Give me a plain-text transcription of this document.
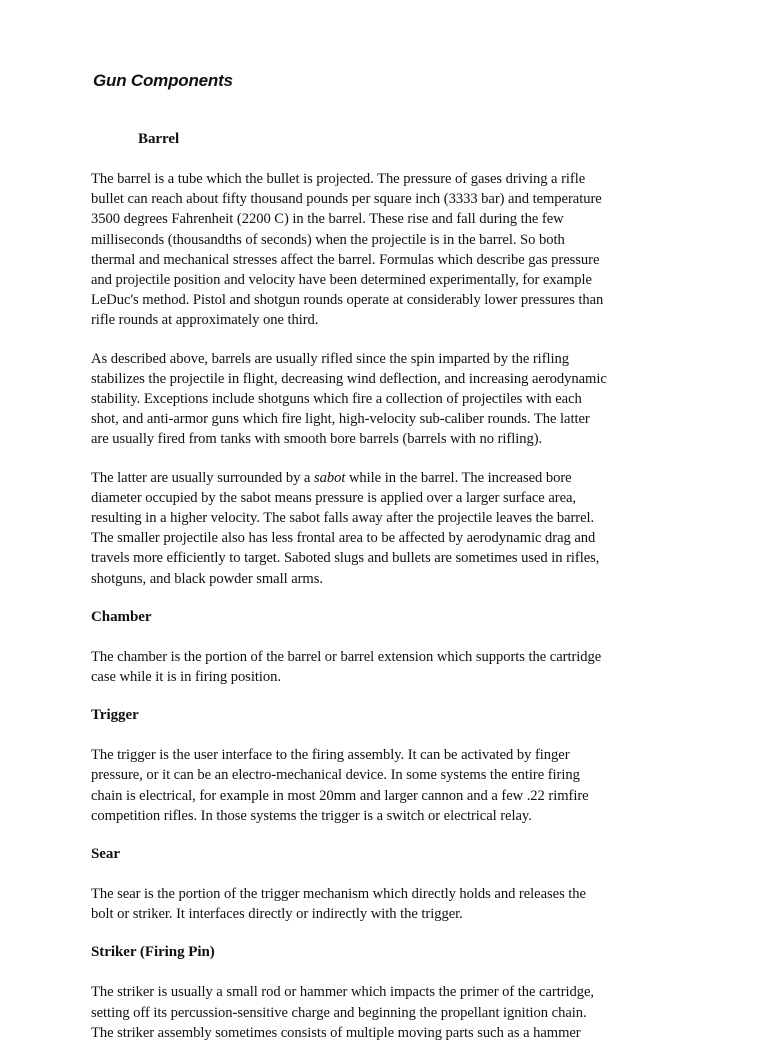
Gun Components
Barrel

The barrel is a tube which the bullet is projected. The pressure of gases driving a rifle
bullet can reach about fifty thousand pounds per square inch (3333 bar) and temperature
3500 degrees Fahrenheit (2200 C) in the barrel. These rise and fall during the few
milliseconds (thousandths of seconds) when the projectile is in the barrel. So both
thermal and mechanical stresses affect the barrel. Formulas which describe gas pressure
and projectile position and velocity have been determined experimentally, for example
LeDuc's method. Pistol and shotgun rounds operate at considerably lower pressures than
rifle rounds at approximately one third.

As described above, barrels are usually rifled since the spin imparted by the rifling
stabilizes the projectile in flight, decreasing wind deflection, and increasing aerodynamic
stability. Exceptions include shotguns which fire a collection of projectiles with each
shot, and anti-armor guns which fire light, high-velocity sub-caliber rounds. The latter
are usually fired from tanks with smooth bore barrels (barrels with no rifling).

The latter are usually surrounded by a sabot while in the barrel. The increased bore
diameter occupied by the sabot means pressure is applied over a larger surface area,
resulting in a higher velocity. The sabot falls away after the projectile leaves the barrel.
The smaller projectile also has less frontal area to be affected by aerodynamic drag and
travels more efficiently to target. Saboted slugs and bullets are sometimes used in rifles,
shotguns, and black powder small arms.

Chamber

The chamber is the portion of the barrel or barrel extension which supports the cartridge
case while it is in firing position.

Trigger

The trigger is the user interface to the firing assembly. It can be activated by finger
pressure, or it can be an electro-mechanical device. In some systems the entire firing
chain is electrical, for example in most 20mm and larger cannon and a few .22 rimfire
competition rifles. In those systems the trigger is a switch or electrical relay.

Sear

The sear is the portion of the trigger mechanism which directly holds and releases the
bolt or striker. It interfaces directly or indirectly with the trigger.

Striker (Firing Pin)

The striker is usually a small rod or hammer which impacts the primer of the cartridge,
setting off its percussion-sensitive charge and beginning the propellant ignition chain.
The striker assembly sometimes consists of multiple moving parts such as a hammer
